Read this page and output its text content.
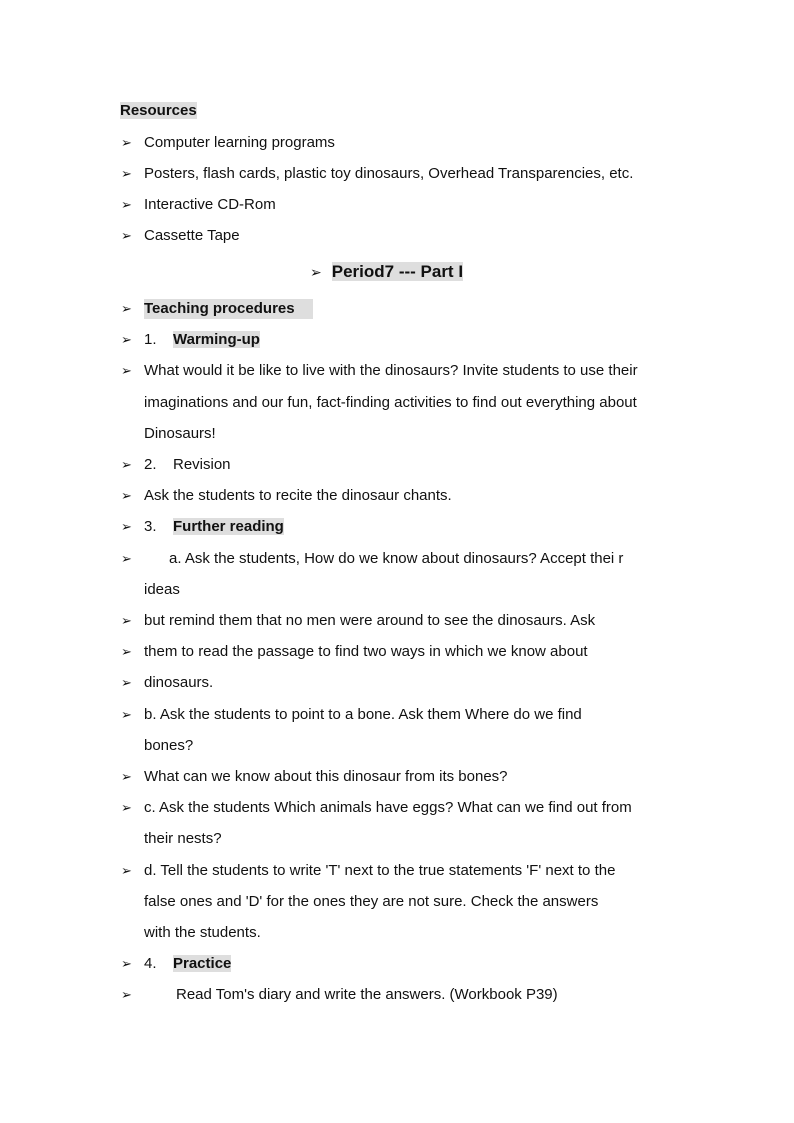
Resources
➢ Computer learning programs
➢ Posters, flash cards, plastic toy dinosaurs, Overhead Transparencies, etc.
➢ Interactive CD-Rom
➢ Cassette Tape
➢ Period7 --- Part I
➢ Teaching procedures
➢ 1. Warming-up
➢ What would it be like to live with the dinosaurs? Invite students to use their
imaginations and our fun, fact-finding activities to find out everything about
Dinosaurs!
➢ 2. Revision
➢ Ask the students to recite the dinosaur chants.
➢ 3. Further reading
➢ a. Ask the students, How do we know about dinosaurs? Accept thei r
ideas
➢ but remind them that no men were around to see the dinosaurs. Ask
➢ them to read the passage to find two ways in which we know about
➢ dinosaurs.
➢ b. Ask the students to point to a bone. Ask them Where do we find
bones?
➢ What can we know about this dinosaur from its bones?
➢ c. Ask the students Which animals have eggs? What can we find out from
their nests?
➢ d. Tell the students to write 'T' next to the true statements 'F' next to the
false ones and 'D' for the ones they are not sure. Check the answers
with the students.
➢ 4. Practice
➢	Read Tom's diary and write the answers. (Workbook P39)
